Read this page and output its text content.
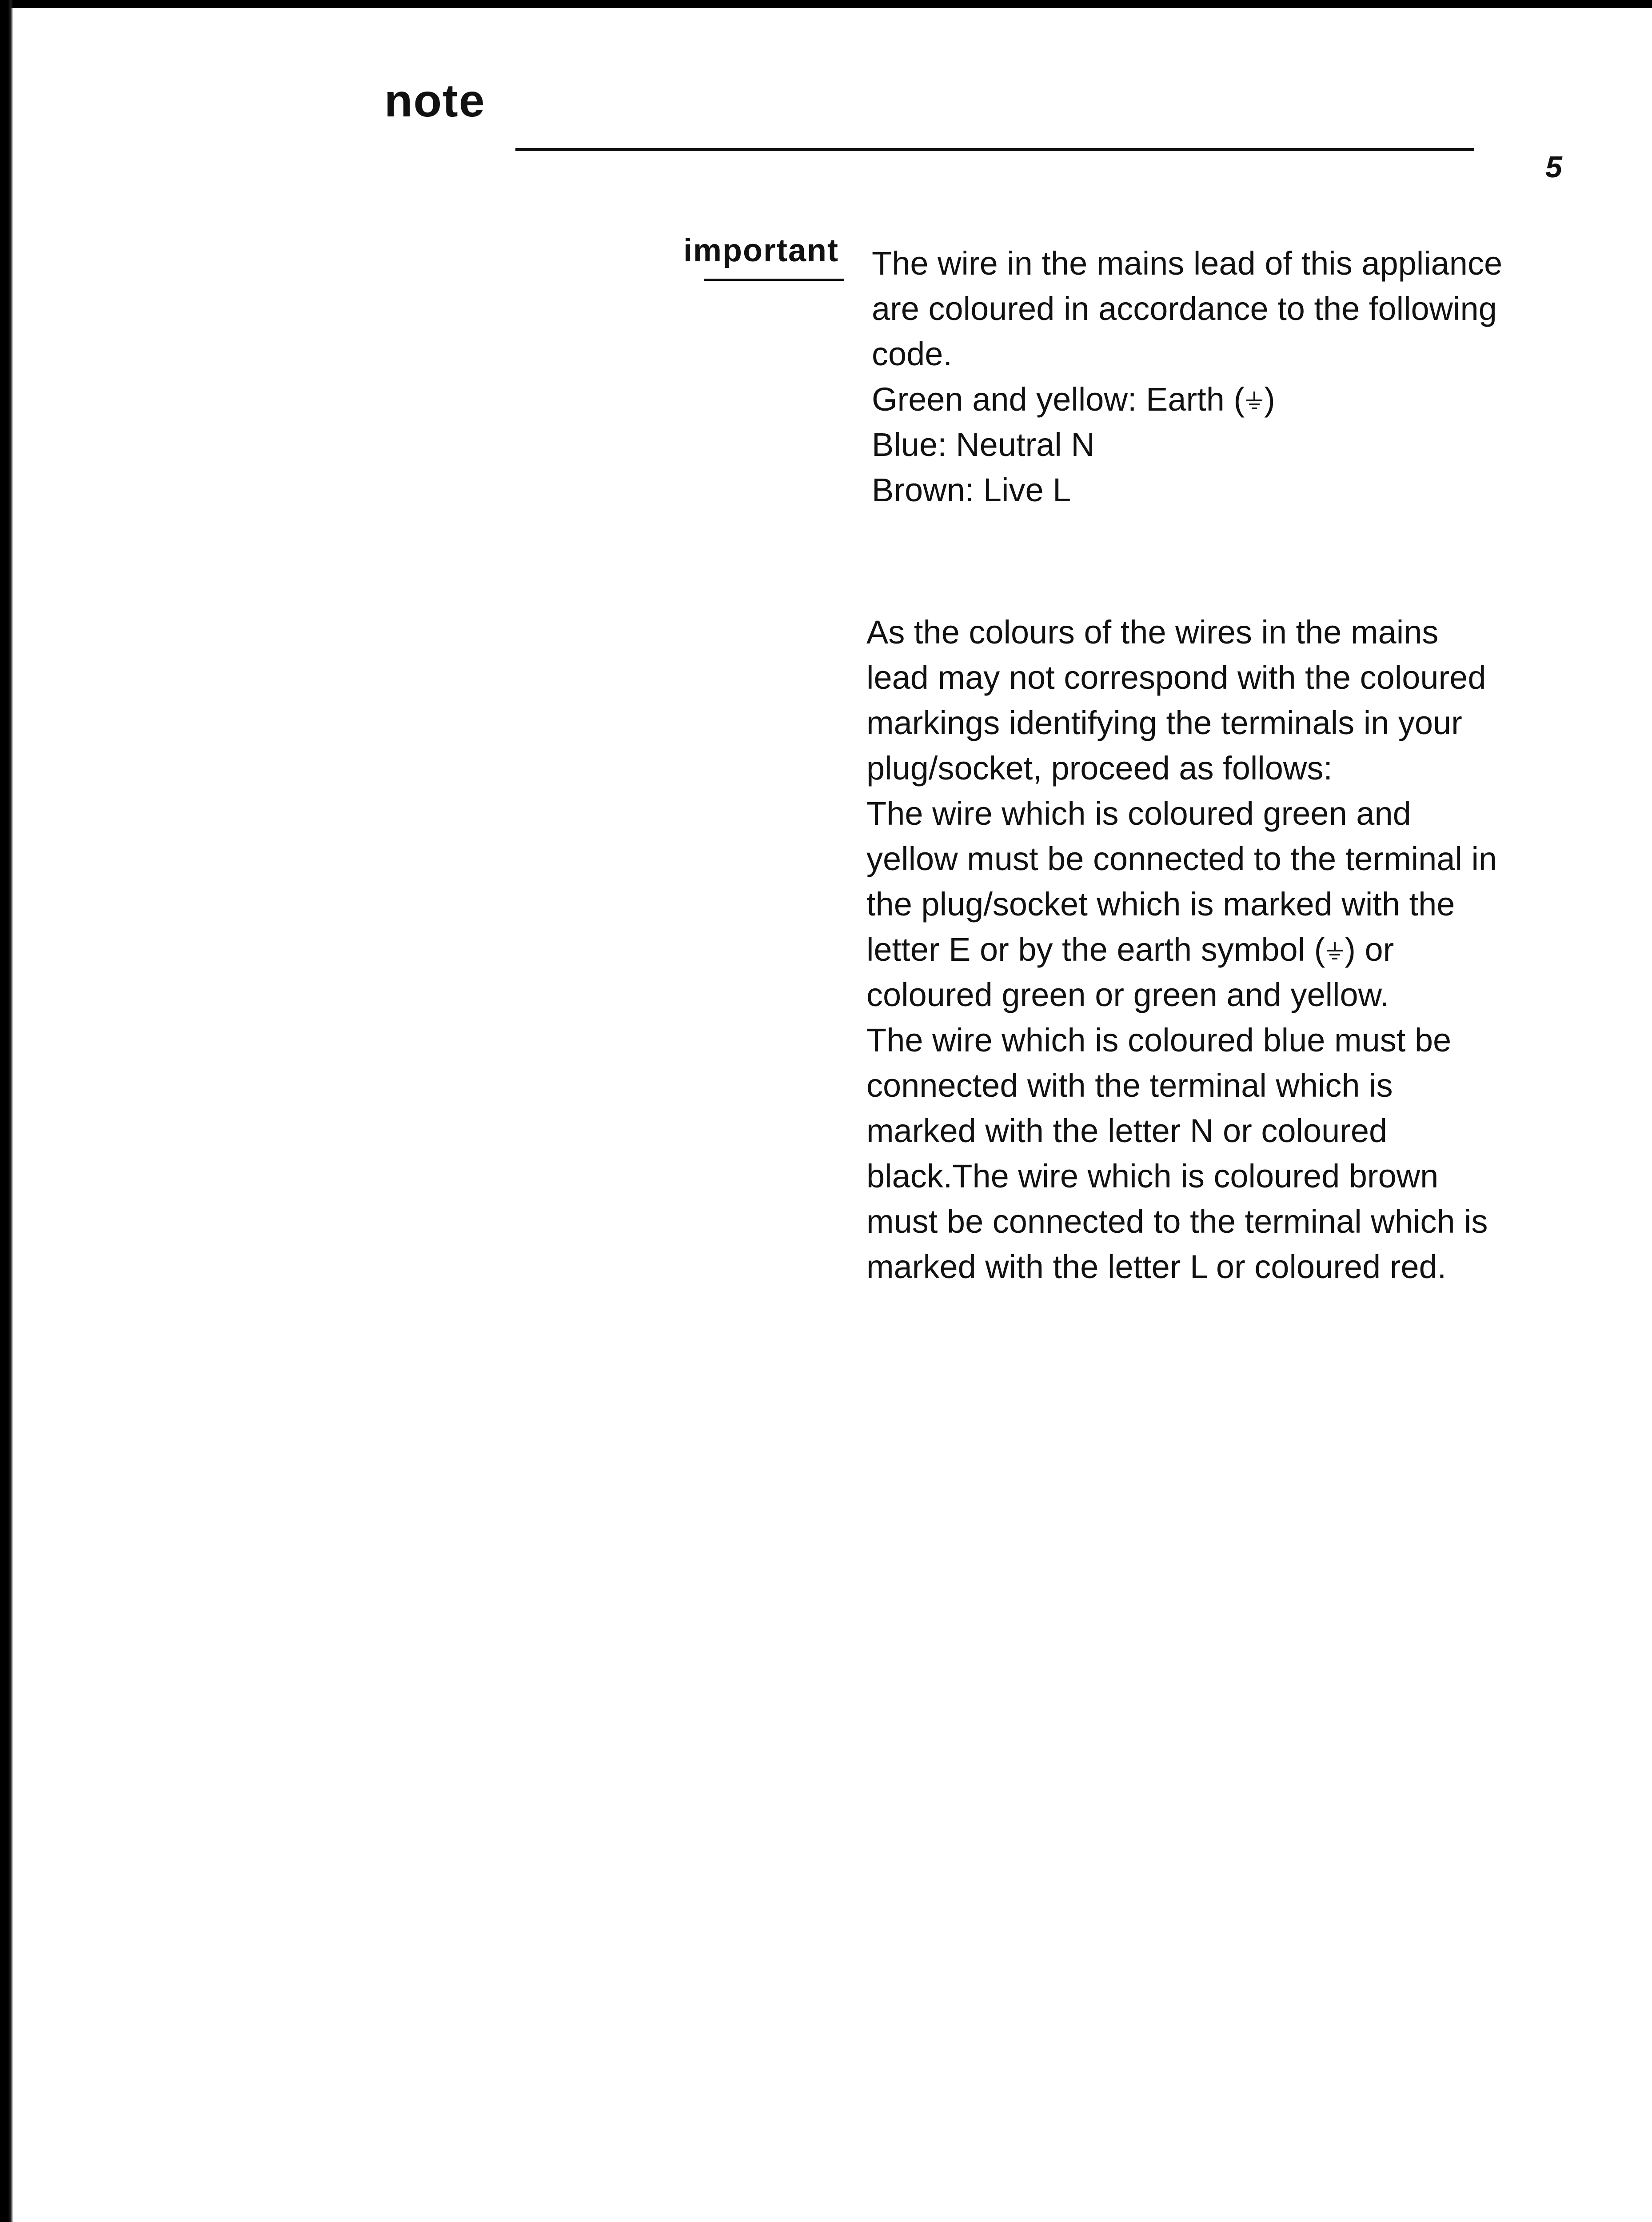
note
5
important The wire in the mains lead of this appliance
are coloured in accordance to the following
code.
Green and yellow: Earth ( )
Blue: Neutral N
Brown: Live L
As the colours of the wires in the mains
lead may not correspond with the coloured
markings identifying the terminals in your
plug/socket, proceed as follows:
The wire which is coloured green and
yellow must be connected to the terminal in
the plug/socket which is marked with the
letter E or by the earth symbol ( ) or
coloured green or green and yellow.
The wire which is coloured blue must be
connected with the terminal which is
marked with the letter N or coloured
black.The wire which is coloured brown
must be connected to the terminal which is
marked with the letter L or coloured red.
